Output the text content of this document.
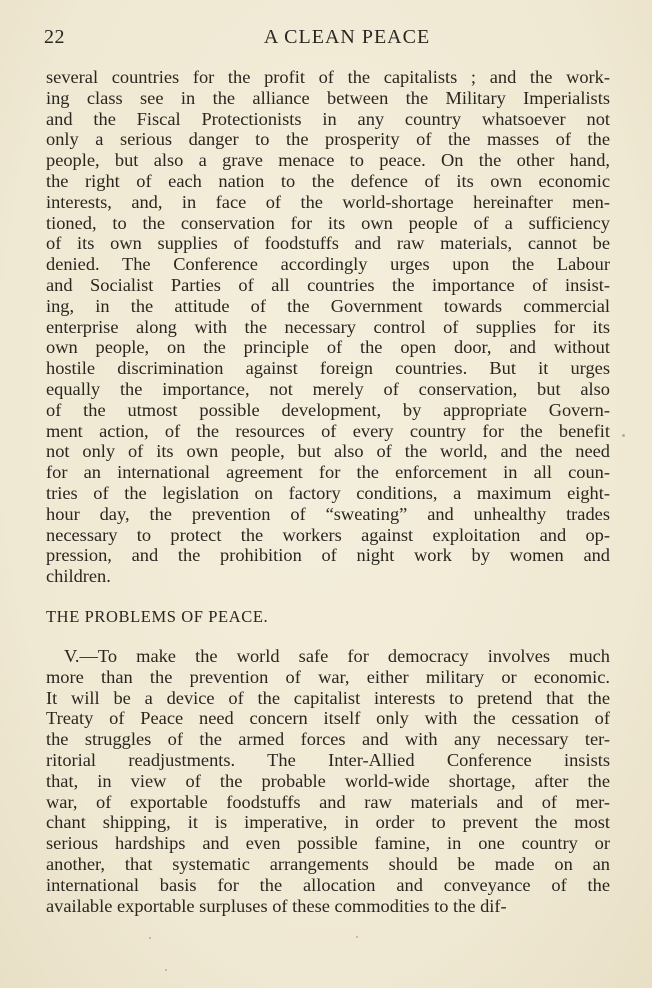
22	A CLEAN PEACE
several countries for the profit of the capitalists ; and the work-
ing class see in the alliance between the Military Imperialists
and the Fiscal Protectionists in any country whatsoever not
only a serious danger to the prosperity of the masses of the
people, but also a grave menace to peace. On the other hand,
the right of each nation to the defence of its own economic
interests, and, in face of the world-shortage hereinafter men-
tioned, to the conservation for its own people of a sufficiency
of its own supplies of foodstuffs and raw materials, cannot be
denied. The Conference accordingly urges upon the Labour
and Socialist Parties of all countries the importance of insist-
ing, in the attitude of the Government towards commercial
enterprise along with the necessary control of supplies for its
own people, on the principle of the open door, and without
hostile discrimination against foreign countries. But it urges
equally the importance, not merely of conservation, but also
of the utmost possible development, by appropriate Govern-
ment action, of the resources of every country for the benefit
not only of its own people, but also of the world, and the need
for an international agreement for the enforcement in all coun-
tries of the legislation on factory conditions, a maximum eight-
hour day, the prevention of “sweating” and unhealthy trades
necessary to protect the workers against exploitation and op-
pression, and the prohibition of night work by women and
children.
THE PROBLEMS OF PEACE.
V.—To make the world safe for democracy involves much
more than the prevention of war, either military or economic.
It will be a device of the capitalist interests to pretend that the
Treaty of Peace need concern itself only with the cessation of
the struggles of the armed forces and with any necessary ter-
ritorial readjustments. The Inter-Allied Conference insists
that, in view of the probable world-wide shortage, after the
war, of exportable foodstuffs and raw materials and of mer-
chant shipping, it is imperative, in order to prevent the most
serious hardships and even possible famine, in one country or
another, that systematic arrangements should be made on an
international basis for the allocation and conveyance of the
available exportable surpluses of these commodities to the dif-
